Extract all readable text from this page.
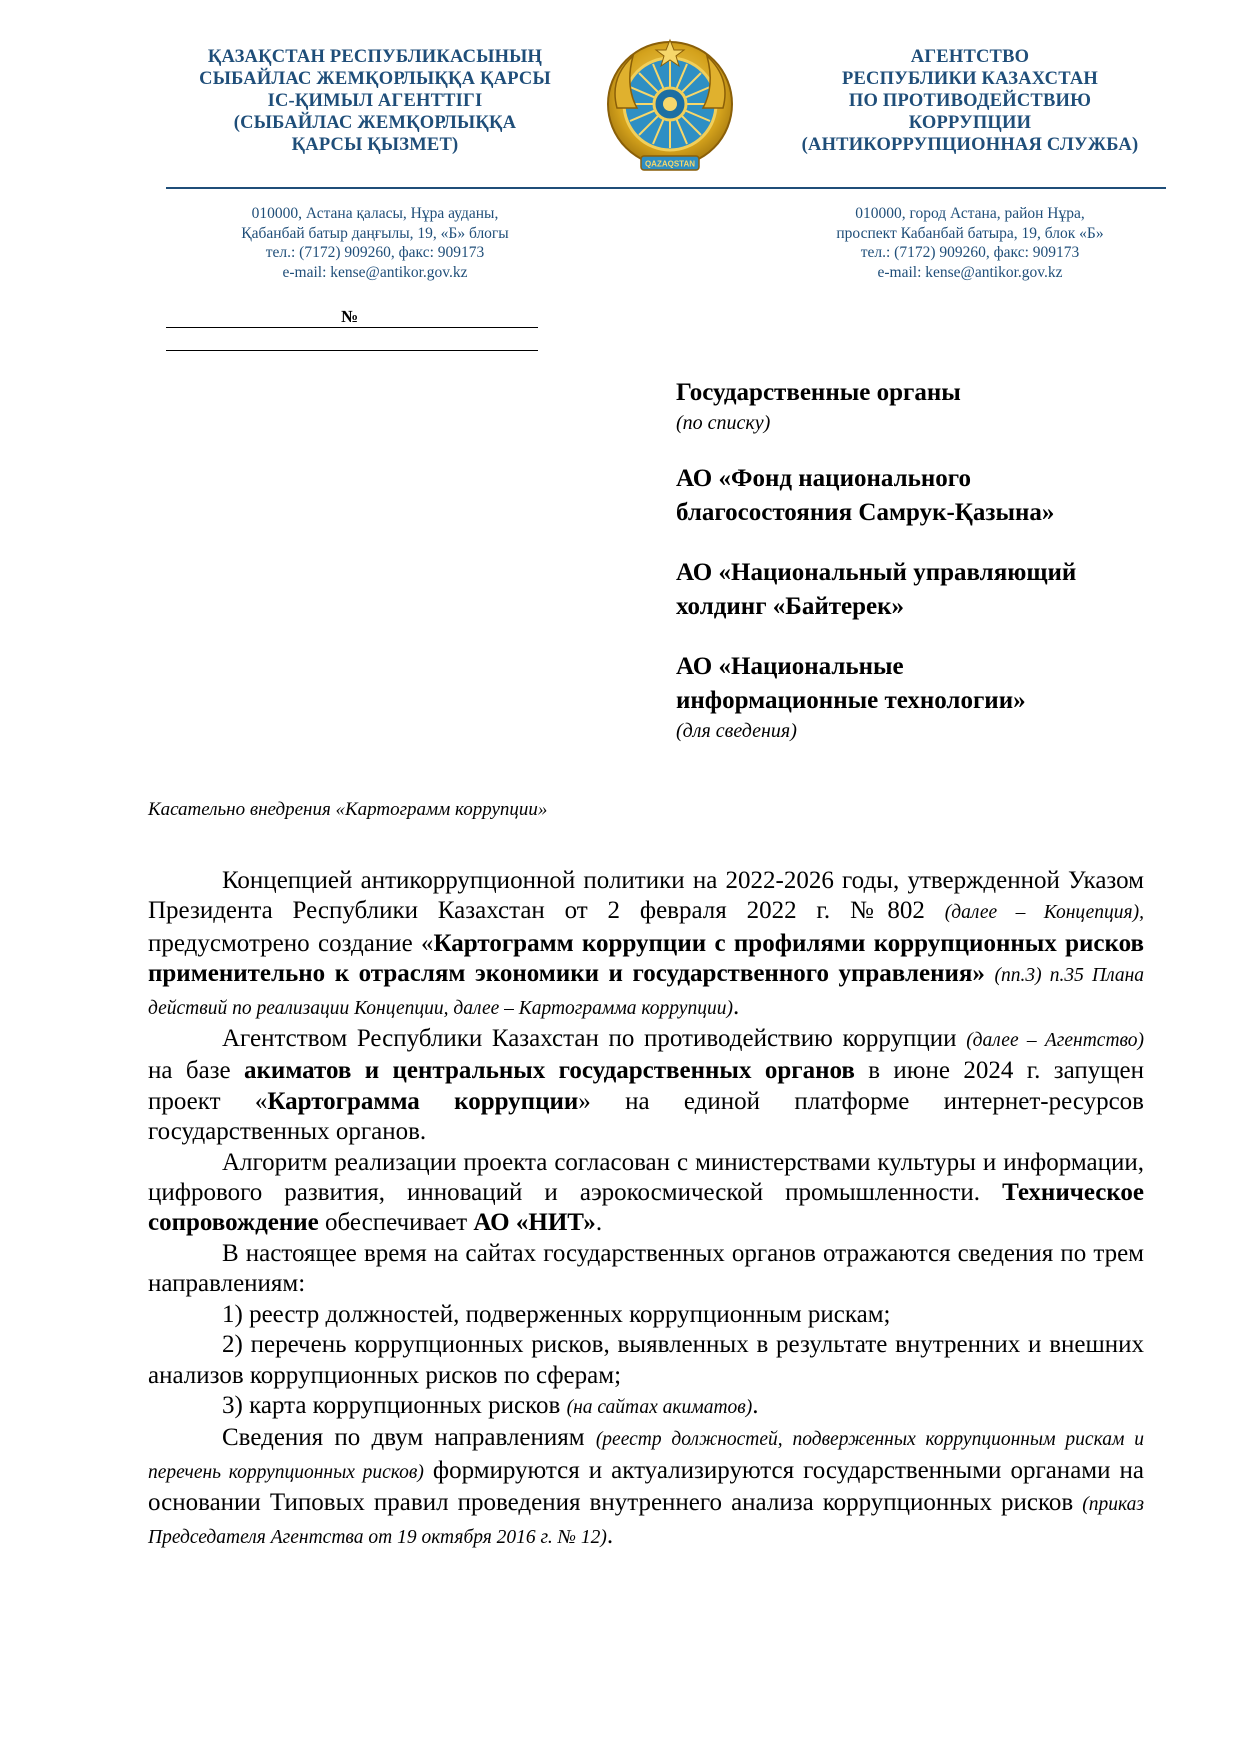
ҚАЗАҚСТАН РЕСПУБЛИКАСЫНЫҢ
СЫБАЙЛАС ЖЕМҚОРЛЫҚҚА ҚАРСЫ
ІС-ҚИМЫЛ АГЕНТТІГІ
(СЫБАЙЛАС ЖЕМҚОРЛЫҚҚА
ҚАРСЫ ҚЫЗМЕТ)
QAZAQSTAN
АГЕНТСТВО
РЕСПУБЛИКИ КАЗАХСТАН
ПО ПРОТИВОДЕЙСТВИЮ
КОРРУПЦИИ
(АНТИКОРРУПЦИОННАЯ СЛУЖБА)
010000, Астана қаласы, Нұра ауданы,
Қабанбай батыр даңғылы, 19, «Б» блогы
тел.: (7172) 909260, факс: 909173
e-mail: kense@antikor.gov.kz
010000, город Астана, район Нұра,
проспект Кабанбай батыра, 19, блок «Б»
тел.: (7172) 909260, факс: 909173
e-mail: kense@antikor.gov.kz
№
Государственные органы

(по списку)

АО «Фонд национального
благосостояния Самрук-Қазына»
АО «Национальный управляющий
холдинг «Байтерек»
АО «Национальные
информационные технологии»

(для сведения)

Касательно внедрения «Картограмм коррупции»

Концепцией антикоррупционной политики на 2022-2026 годы, утвержденной Указом Президента Республики Казахстан от 2 февраля 2022 г. №802 (далее – Концепция), предусмотрено создание «Картограмм коррупции с профилями коррупционных рисков применительно к отраслям экономики и государственного управления» (пп.3) п.35 Плана действий по реализации Концепции, далее – Картограмма коррупции).

Агентством Республики Казахстан по противодействию коррупции (далее – Агентство) на базе акиматов и центральных государственных органов в июне 2024 г. запущен проект «Картограмма коррупции» на единой платформе интернет-ресурсов государственных органов.

Алгоритм реализации проекта согласован с министерствами культуры и информации, цифрового развития, инноваций и аэрокосмической промышленности. Техническое сопровождение обеспечивает АО «НИТ».

В настоящее время на сайтах государственных органов отражаются сведения по трем направлениям:

1) реестр должностей, подверженных коррупционным рискам;

2) перечень коррупционных рисков, выявленных в результате внутренних и внешних анализов коррупционных рисков по сферам;

3) карта коррупционных рисков (на сайтах акиматов).

Сведения по двум направлениям (реестр должностей, подверженных коррупционным рискам и перечень коррупционных рисков) формируются и актуализируются государственными органами на основании Типовых правил проведения внутреннего анализа коррупционных рисков (приказ Председателя Агентства от 19 октября 2016 г. № 12).
